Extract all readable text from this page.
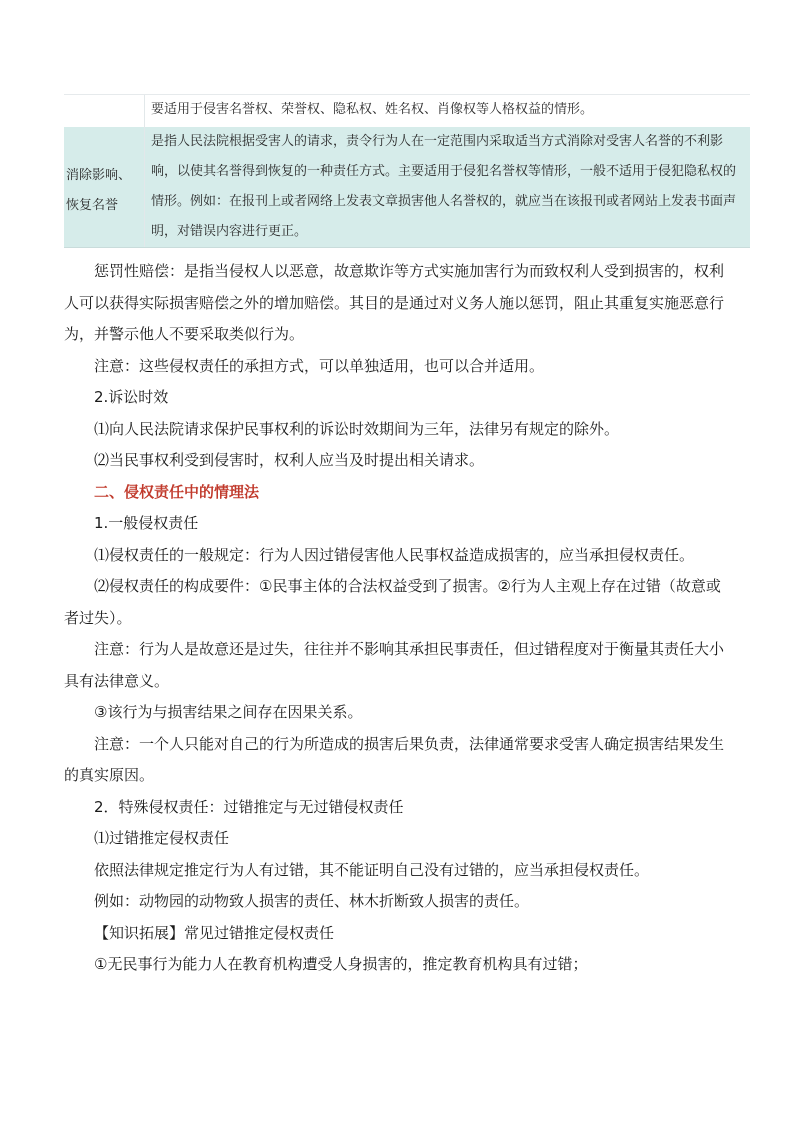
要适用于侵害名誉权、荣誉权、隐私权、姓名权、肖像权等人格权益的情形。
消除影响、恢复名誉
是指人民法院根据受害人的请求，责令行为人在一定范围内采取适当方式消除对受害人名誉的不利影响，以使其名誉得到恢复的一种责任方式。主要适用于侵犯名誉权等情形，一般不适用于侵犯隐私权的情形。例如：在报刊上或者网络上发表文章损害他人名誉权的，就应当在该报刊或者网站上发表书面声明，对错误内容进行更正。

惩罚性赔偿：是指当侵权人以恶意，故意欺诈等方式实施加害行为而致权利人受到损害的，权利人可以获得实际损害赔偿之外的增加赔偿。其目的是通过对义务人施以惩罚，阻止其重复实施恶意行为，并警示他人不要采取类似行为。

注意：这些侵权责任的承担方式，可以单独适用，也可以合并适用。

2.诉讼时效

⑴向人民法院请求保护民事权利的诉讼时效期间为三年，法律另有规定的除外。

⑵当民事权利受到侵害时，权利人应当及时提出相关请求。

二、侵权责任中的情理法

1.一般侵权责任

⑴侵权责任的一般规定：行为人因过错侵害他人民事权益造成损害的，应当承担侵权责任。

⑵侵权责任的构成要件：①民事主体的合法权益受到了损害。②行为人主观上存在过错（故意或者过失）。

注意：行为人是故意还是过失，往往并不影响其承担民事责任，但过错程度对于衡量其责任大小具有法律意义。

③该行为与损害结果之间存在因果关系。

注意：一个人只能对自己的行为所造成的损害后果负责，法律通常要求受害人确定损害结果发生的真实原因。

2．特殊侵权责任：过错推定与无过错侵权责任

⑴过错推定侵权责任

依照法律规定推定行为人有过错，其不能证明自己没有过错的，应当承担侵权责任。

例如：动物园的动物致人损害的责任、林木折断致人损害的责任。

【知识拓展】常见过错推定侵权责任

①无民事行为能力人在教育机构遭受人身损害的，推定教育机构具有过错；
